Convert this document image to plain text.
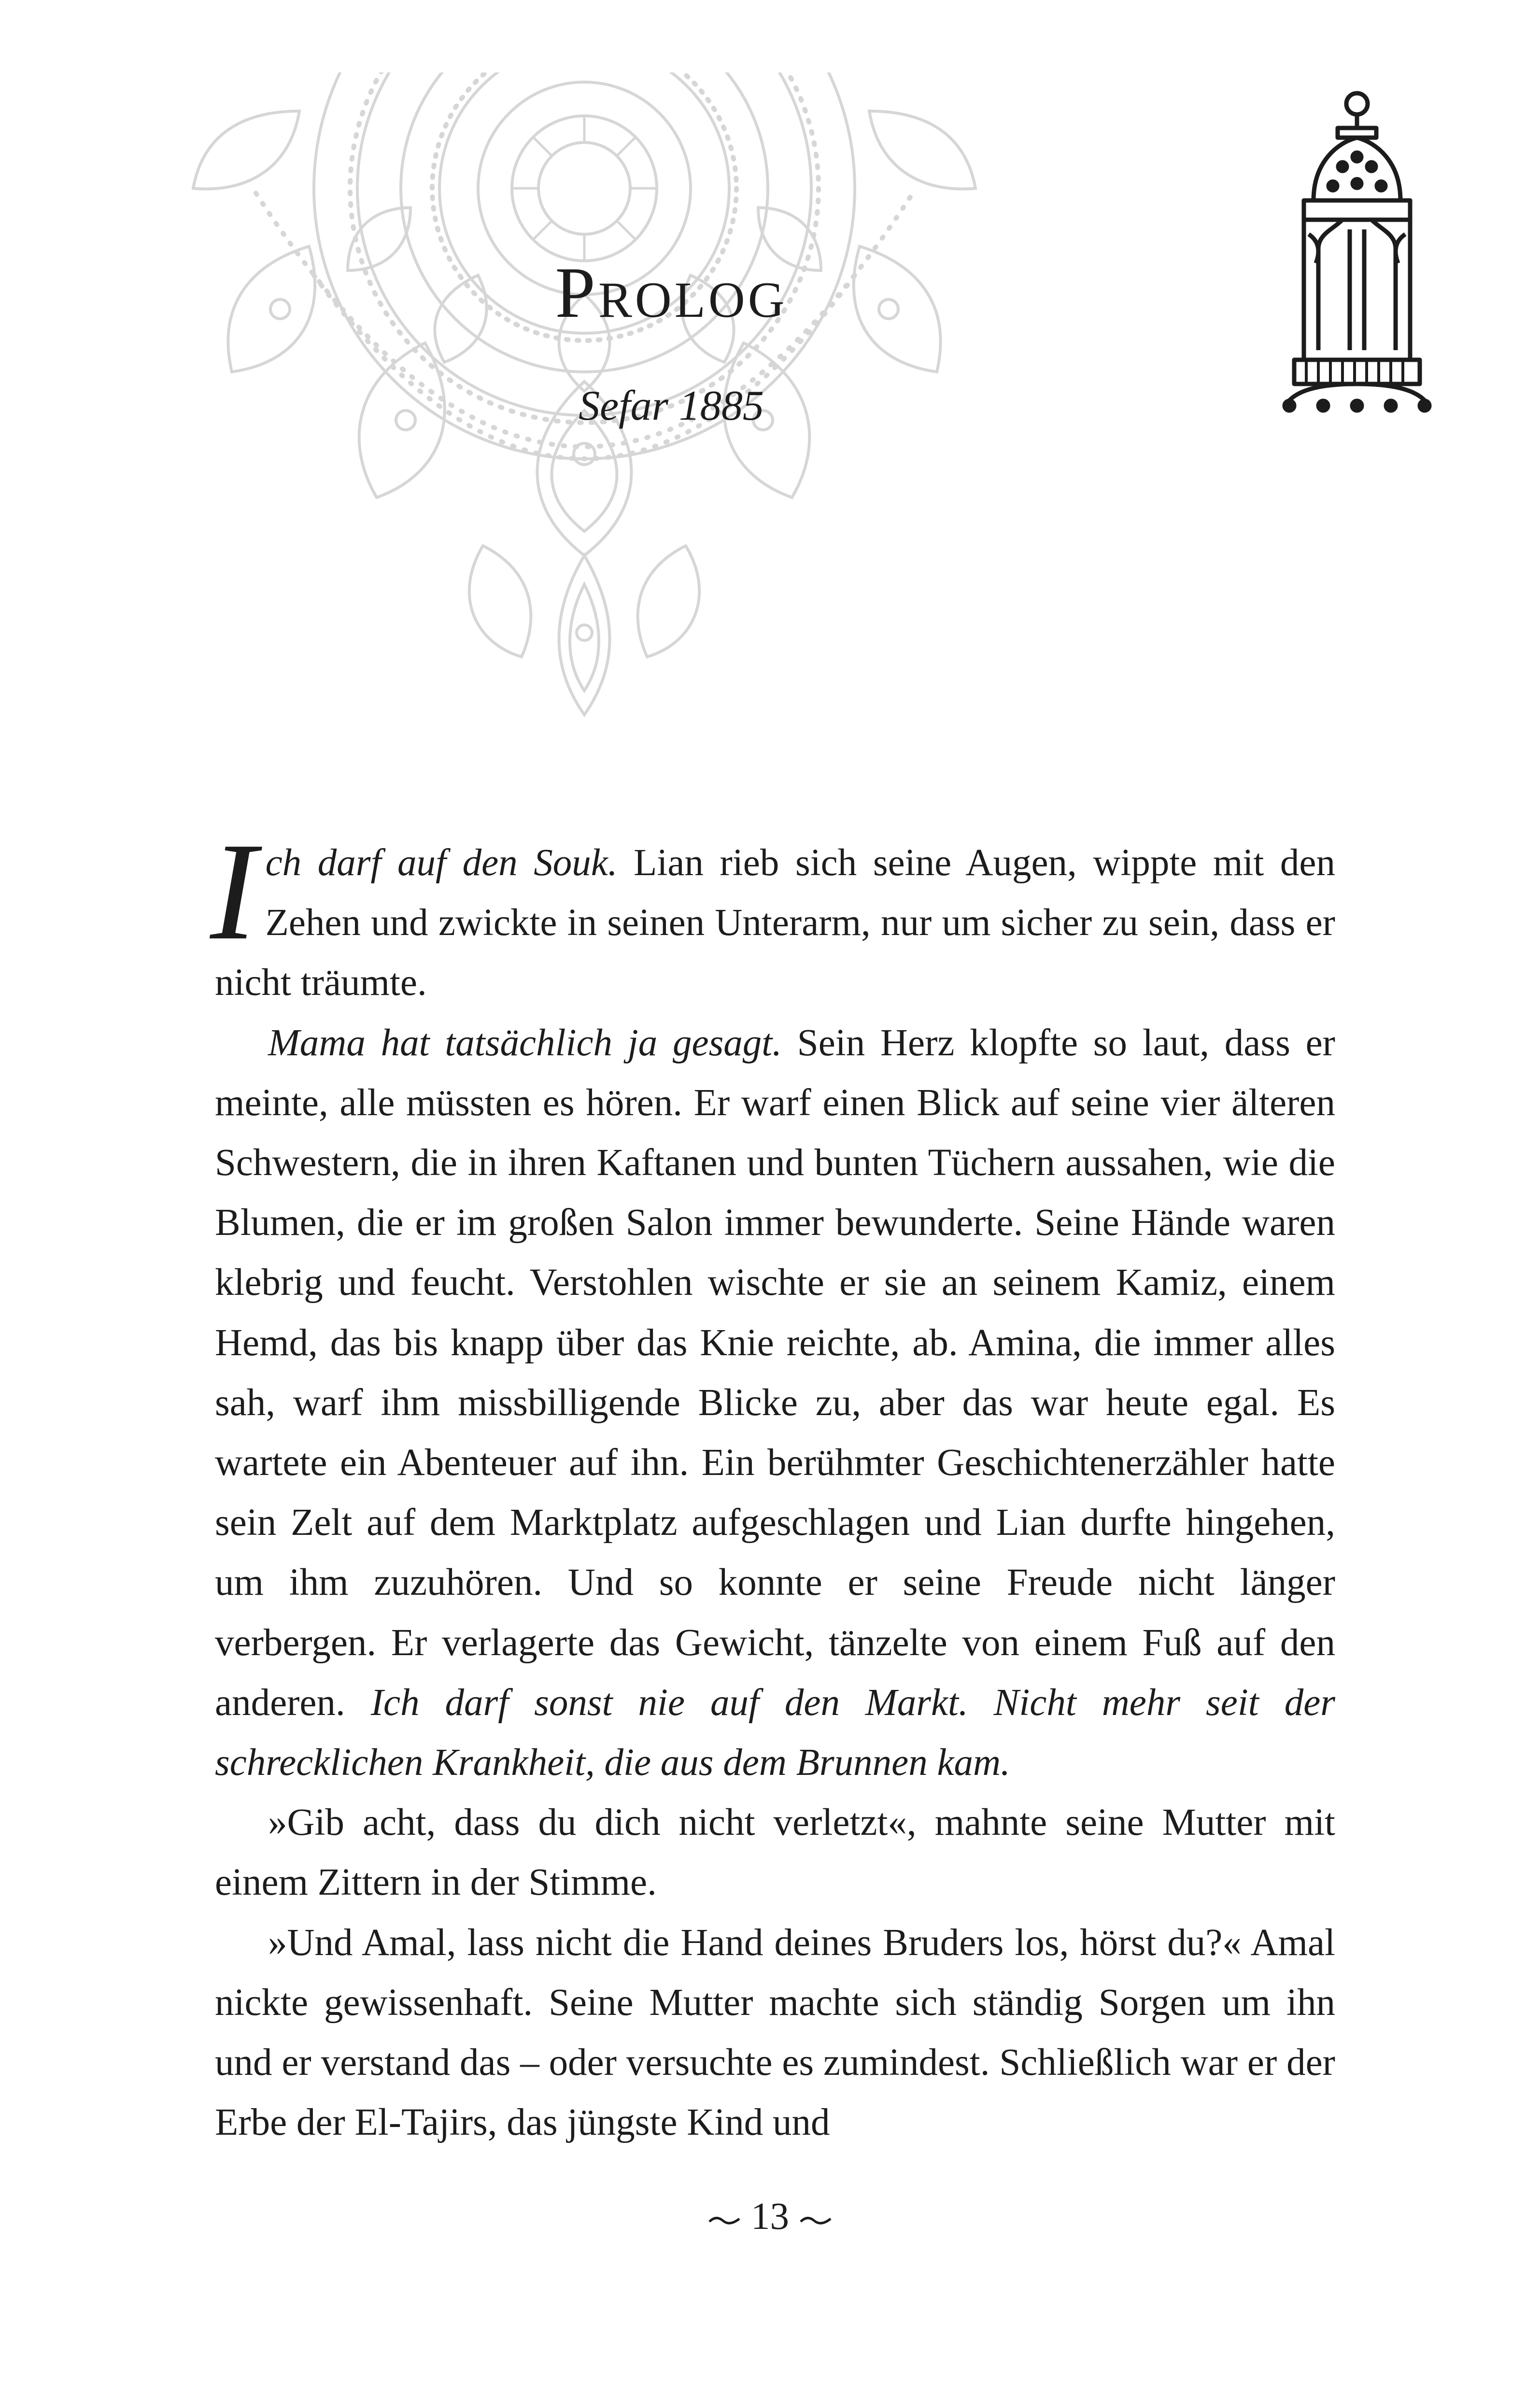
Prolog
Sefar 1885

Ich darf auf den Souk. Lian rieb sich seine Augen, wippte mit den Zehen und zwickte in seinen Unterarm, nur um sicher zu sein, dass er nicht träumte.

Mama hat tatsächlich ja gesagt. Sein Herz klopfte so laut, dass er meinte, alle müssten es hören. Er warf einen Blick auf seine vier älteren Schwestern, die in ihren Kaftanen und bunten Tüchern aussahen, wie die Blumen, die er im großen Salon immer bewunderte. Seine Hände waren klebrig und feucht. Verstohlen wischte er sie an seinem Kamiz, einem Hemd, das bis knapp über das Knie reichte, ab. Amina, die immer alles sah, warf ihm missbilligende Blicke zu, aber das war heute egal. Es wartete ein Abenteuer auf ihn. Ein berühmter Geschichtenerzähler hatte sein Zelt auf dem Marktplatz aufgeschlagen und Lian durfte hingehen, um ihm zuzuhören. Und so konnte er seine Freude nicht länger verbergen. Er verlagerte das Gewicht, tänzelte von einem Fuß auf den anderen. Ich darf sonst nie auf den Markt. Nicht mehr seit der schrecklichen Krankheit, die aus dem Brunnen kam.

»Gib acht, dass du dich nicht verletzt«, mahnte seine Mutter mit einem Zittern in der Stimme.

»Und Amal, lass nicht die Hand deines Bruders los, hörst du?« Amal nickte gewissenhaft. Seine Mutter machte sich ständig Sorgen um ihn und er verstand das – oder versuchte es zumindest. Schließlich war er der Erbe der El-Tajirs, das jüngste Kind und

13
